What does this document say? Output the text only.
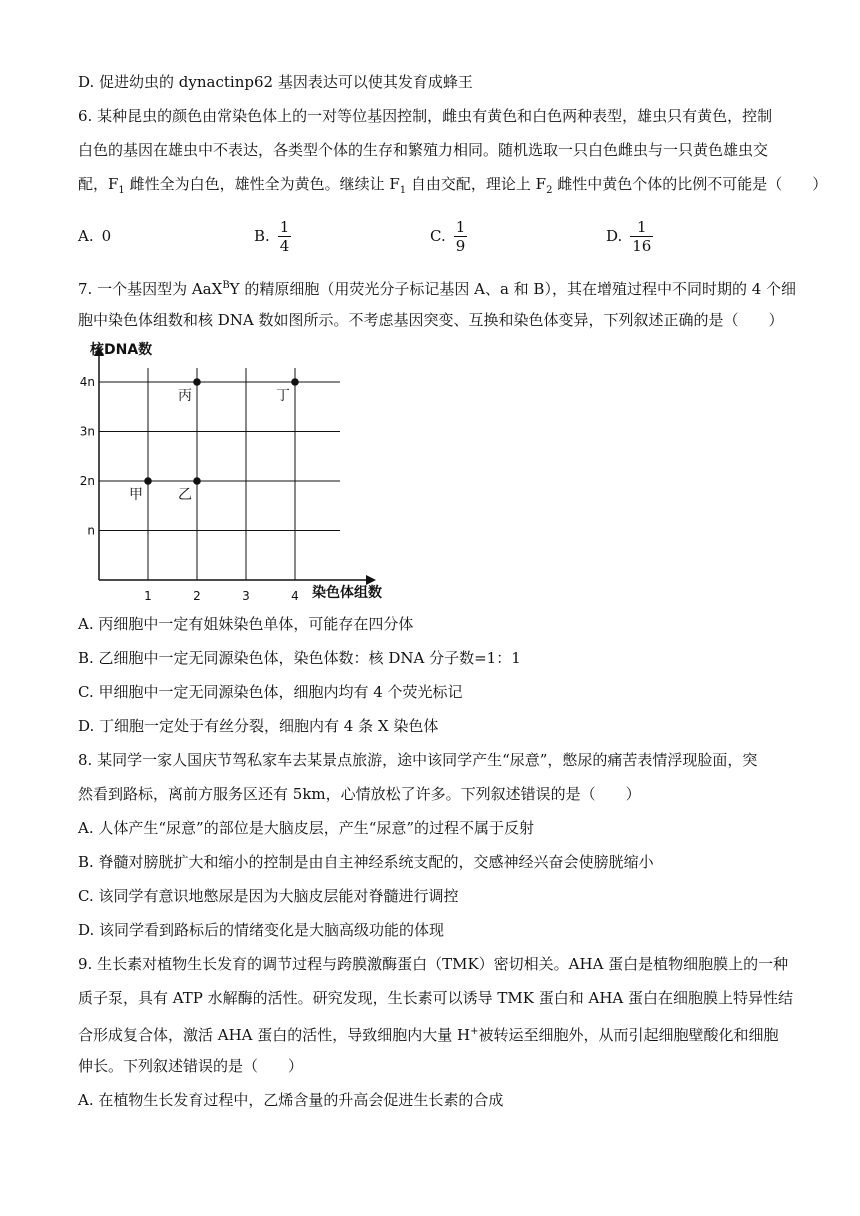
D. 促进幼虫的 dynactinp62 基因表达可以使其发育成蜂王
6. 某种昆虫的颜色由常染色体上的一对等位基因控制，雌虫有黄色和白色两种表型，雄虫只有黄色，控制
白色的基因在雄虫中不表达，各类型个体的生存和繁殖力相同。随机选取一只白色雌虫与一只黄色雄虫交
配，$F_1$ 雌性全为白色，雄性全为黄色。继续让 $F_1$ 自由交配，理论上 $F_2$ 雌性中黄色个体的比例不可能是（　　）
A. 0	B. $\frac{1}{4}$	C. $\frac{1}{9}$	D. $\frac{1}{16}$
7. 一个基因型为 AaX$^B$Y 的精原细胞（用荧光分子标记基因 A、a 和 B），其在增殖过程中不同时期的 4 个细
胞中染色体组数和核 DNA 数如图所示。不考虑基因突变、互换和染色体变异，下列叙述正确的是（　　）
核DNA数
染色体组数
1	2	3	4
n
2n
3n
4n
甲	乙
丙	丁
A. 丙细胞中一定有姐妹染色单体，可能存在四分体
B. 乙细胞中一定无同源染色体，染色体数：核 DNA 分子数=1：1
C. 甲细胞中一定无同源染色体，细胞内均有 4 个荧光标记
D. 丁细胞一定处于有丝分裂，细胞内有 4 条 X 染色体
8. 某同学一家人国庆节驾私家车去某景点旅游，途中该同学产生“尿意”，憋尿的痛苦表情浮现脸面，突
然看到路标，离前方服务区还有 5km，心情放松了许多。下列叙述错误的是（　　）
A. 人体产生“尿意”的部位是大脑皮层，产生“尿意”的过程不属于反射
B. 脊髓对膀胱扩大和缩小的控制是由自主神经系统支配的，交感神经兴奋会使膀胱缩小
C. 该同学有意识地憋尿是因为大脑皮层能对脊髓进行调控
D. 该同学看到路标后的情绪变化是大脑高级功能的体现
9. 生长素对植物生长发育的调节过程与跨膜激酶蛋白（TMK）密切相关。AHA 蛋白是植物细胞膜上的一种
质子泵，具有 ATP 水解酶的活性。研究发现，生长素可以诱导 TMK 蛋白和 AHA 蛋白在细胞膜上特异性结
合形成复合体，激活 AHA 蛋白的活性，导致细胞内大量 H+被转运至细胞外，从而引起细胞壁酸化和细胞
伸长。下列叙述错误的是（　　）
A. 在植物生长发育过程中，乙烯含量的升高会促进生长素的合成
